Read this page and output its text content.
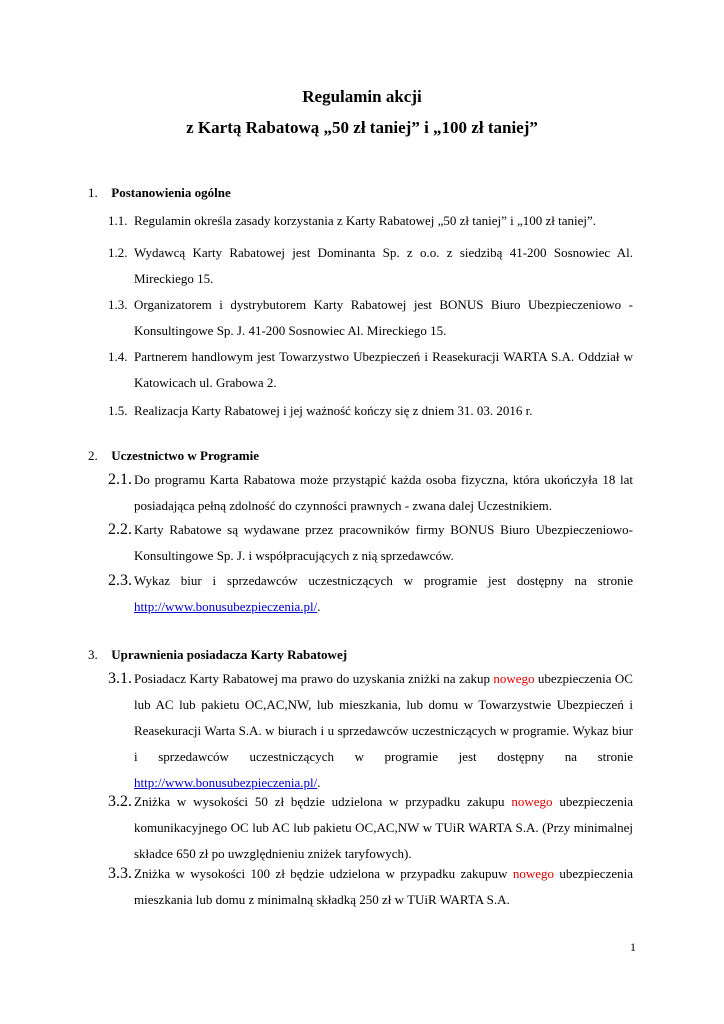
Regulamin akcji
z Kartą Rabatową „50 zł taniej” i „100 zł taniej”
1. Postanowienia ogólne
1.1. Regulamin określa zasady korzystania z Karty Rabatowej „50 zł taniej” i „100 zł taniej”.
1.2. Wydawcą Karty Rabatowej jest Dominanta Sp. z o.o. z siedzibą 41-200 Sosnowiec Al. Mireckiego 15.
1.3. Organizatorem i dystrybutorem Karty Rabatowej jest BONUS Biuro Ubezpieczeniowo - Konsultingowe Sp. J. 41-200 Sosnowiec Al. Mireckiego 15.
1.4. Partnerem handlowym jest Towarzystwo Ubezpieczeń i Reasekuracji WARTA S.A. Oddział w Katowicach ul. Grabowa 2.
1.5. Realizacja Karty Rabatowej i jej ważność kończy się z dniem 31. 03. 2016 r.
2. Uczestnictwo w Programie
2.1. Do programu Karta Rabatowa może przystąpić każda osoba fizyczna, która ukończyła 18 lat posiadająca pełną zdolność do czynności prawnych - zwana dalej Uczestnikiem.
2.2. Karty Rabatowe są wydawane przez pracowników firmy BONUS Biuro Ubezpieczeniowo-Konsultingowe Sp. J. i współpracujących z nią sprzedawców.
2.3. Wykaz biur i sprzedawców uczestniczących w programie jest dostępny na stronie http://www.bonusubezpieczenia.pl/.
3. Uprawnienia posiadacza Karty Rabatowej
3.1. Posiadacz Karty Rabatowej ma prawo do uzyskania zniżki na zakup nowego ubezpieczenia OC lub AC lub pakietu OC,AC,NW, lub mieszkania, lub domu w Towarzystwie Ubezpieczeń i Reasekuracji Warta S.A. w biurach i u sprzedawców uczestniczących w programie. Wykaz biur i sprzedawców uczestniczących w programie jest dostępny na stronie http://www.bonusubezpieczenia.pl/.
3.2. Zniżka w wysokości 50 zł będzie udzielona w przypadku zakupu nowego ubezpieczenia komunikacyjnego OC lub AC lub pakietu OC,AC,NW w TUiR WARTA S.A. (Przy minimalnej składce 650 zł po uwzględnieniu zniżek taryfowych).
3.3. Zniżka w wysokości 100 zł będzie udzielona w przypadku zakupuw nowego ubezpieczenia mieszkania lub domu z minimalną składką 250 zł w TUiR WARTA S.A.
1
